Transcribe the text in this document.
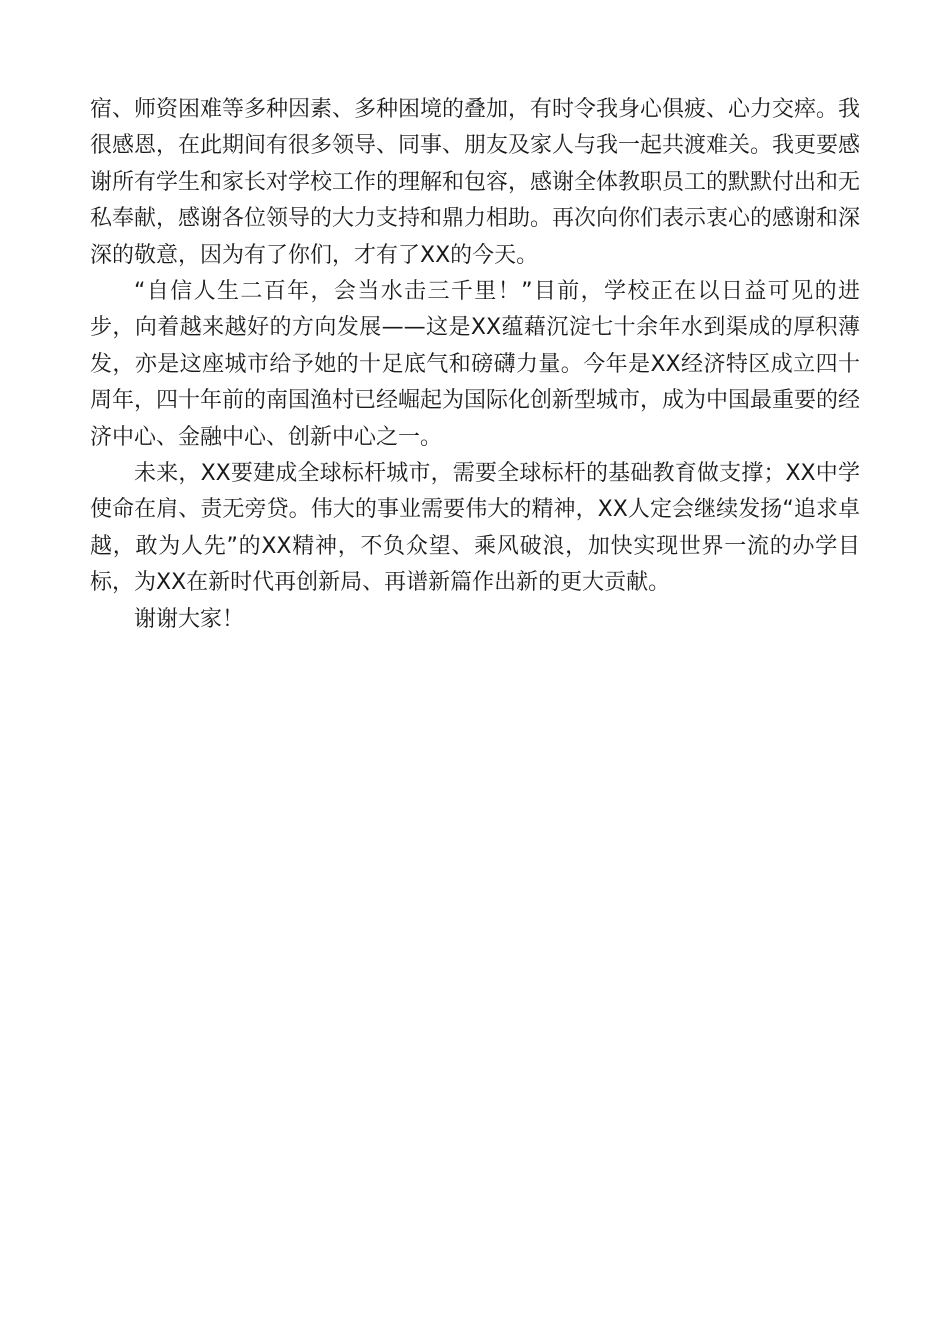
宿、师资困难等多种因素、多种困境的叠加，有时令我身心俱疲、心力交瘁。我很感恩，在此期间有很多领导、同事、朋友及家人与我一起共渡难关。我更要感谢所有学生和家长对学校工作的理解和包容，感谢全体教职员工的默默付出和无私奉献，感谢各位领导的大力支持和鼎力相助。再次向你们表示衷心的感谢和深深的敬意，因为有了你们，才有了XX的今天。

“自信人生二百年，会当水击三千里！”目前，学校正在以日益可见的进步，向着越来越好的方向发展——这是XX蕴藉沉淀七十余年水到渠成的厚积薄发，亦是这座城市给予她的十足底气和磅礴力量。今年是XX经济特区成立四十周年，四十年前的南国渔村已经崛起为国际化创新型城市，成为中国最重要的经济中心、金融中心、创新中心之一。

未来，XX要建成全球标杆城市，需要全球标杆的基础教育做支撑；XX中学使命在肩、责无旁贷。伟大的事业需要伟大的精神，XX人定会继续发扬“追求卓越，敢为人先”的XX精神，不负众望、乘风破浪，加快实现世界一流的办学目标，为XX在新时代再创新局、再谱新篇作出新的更大贡献。

谢谢大家！
